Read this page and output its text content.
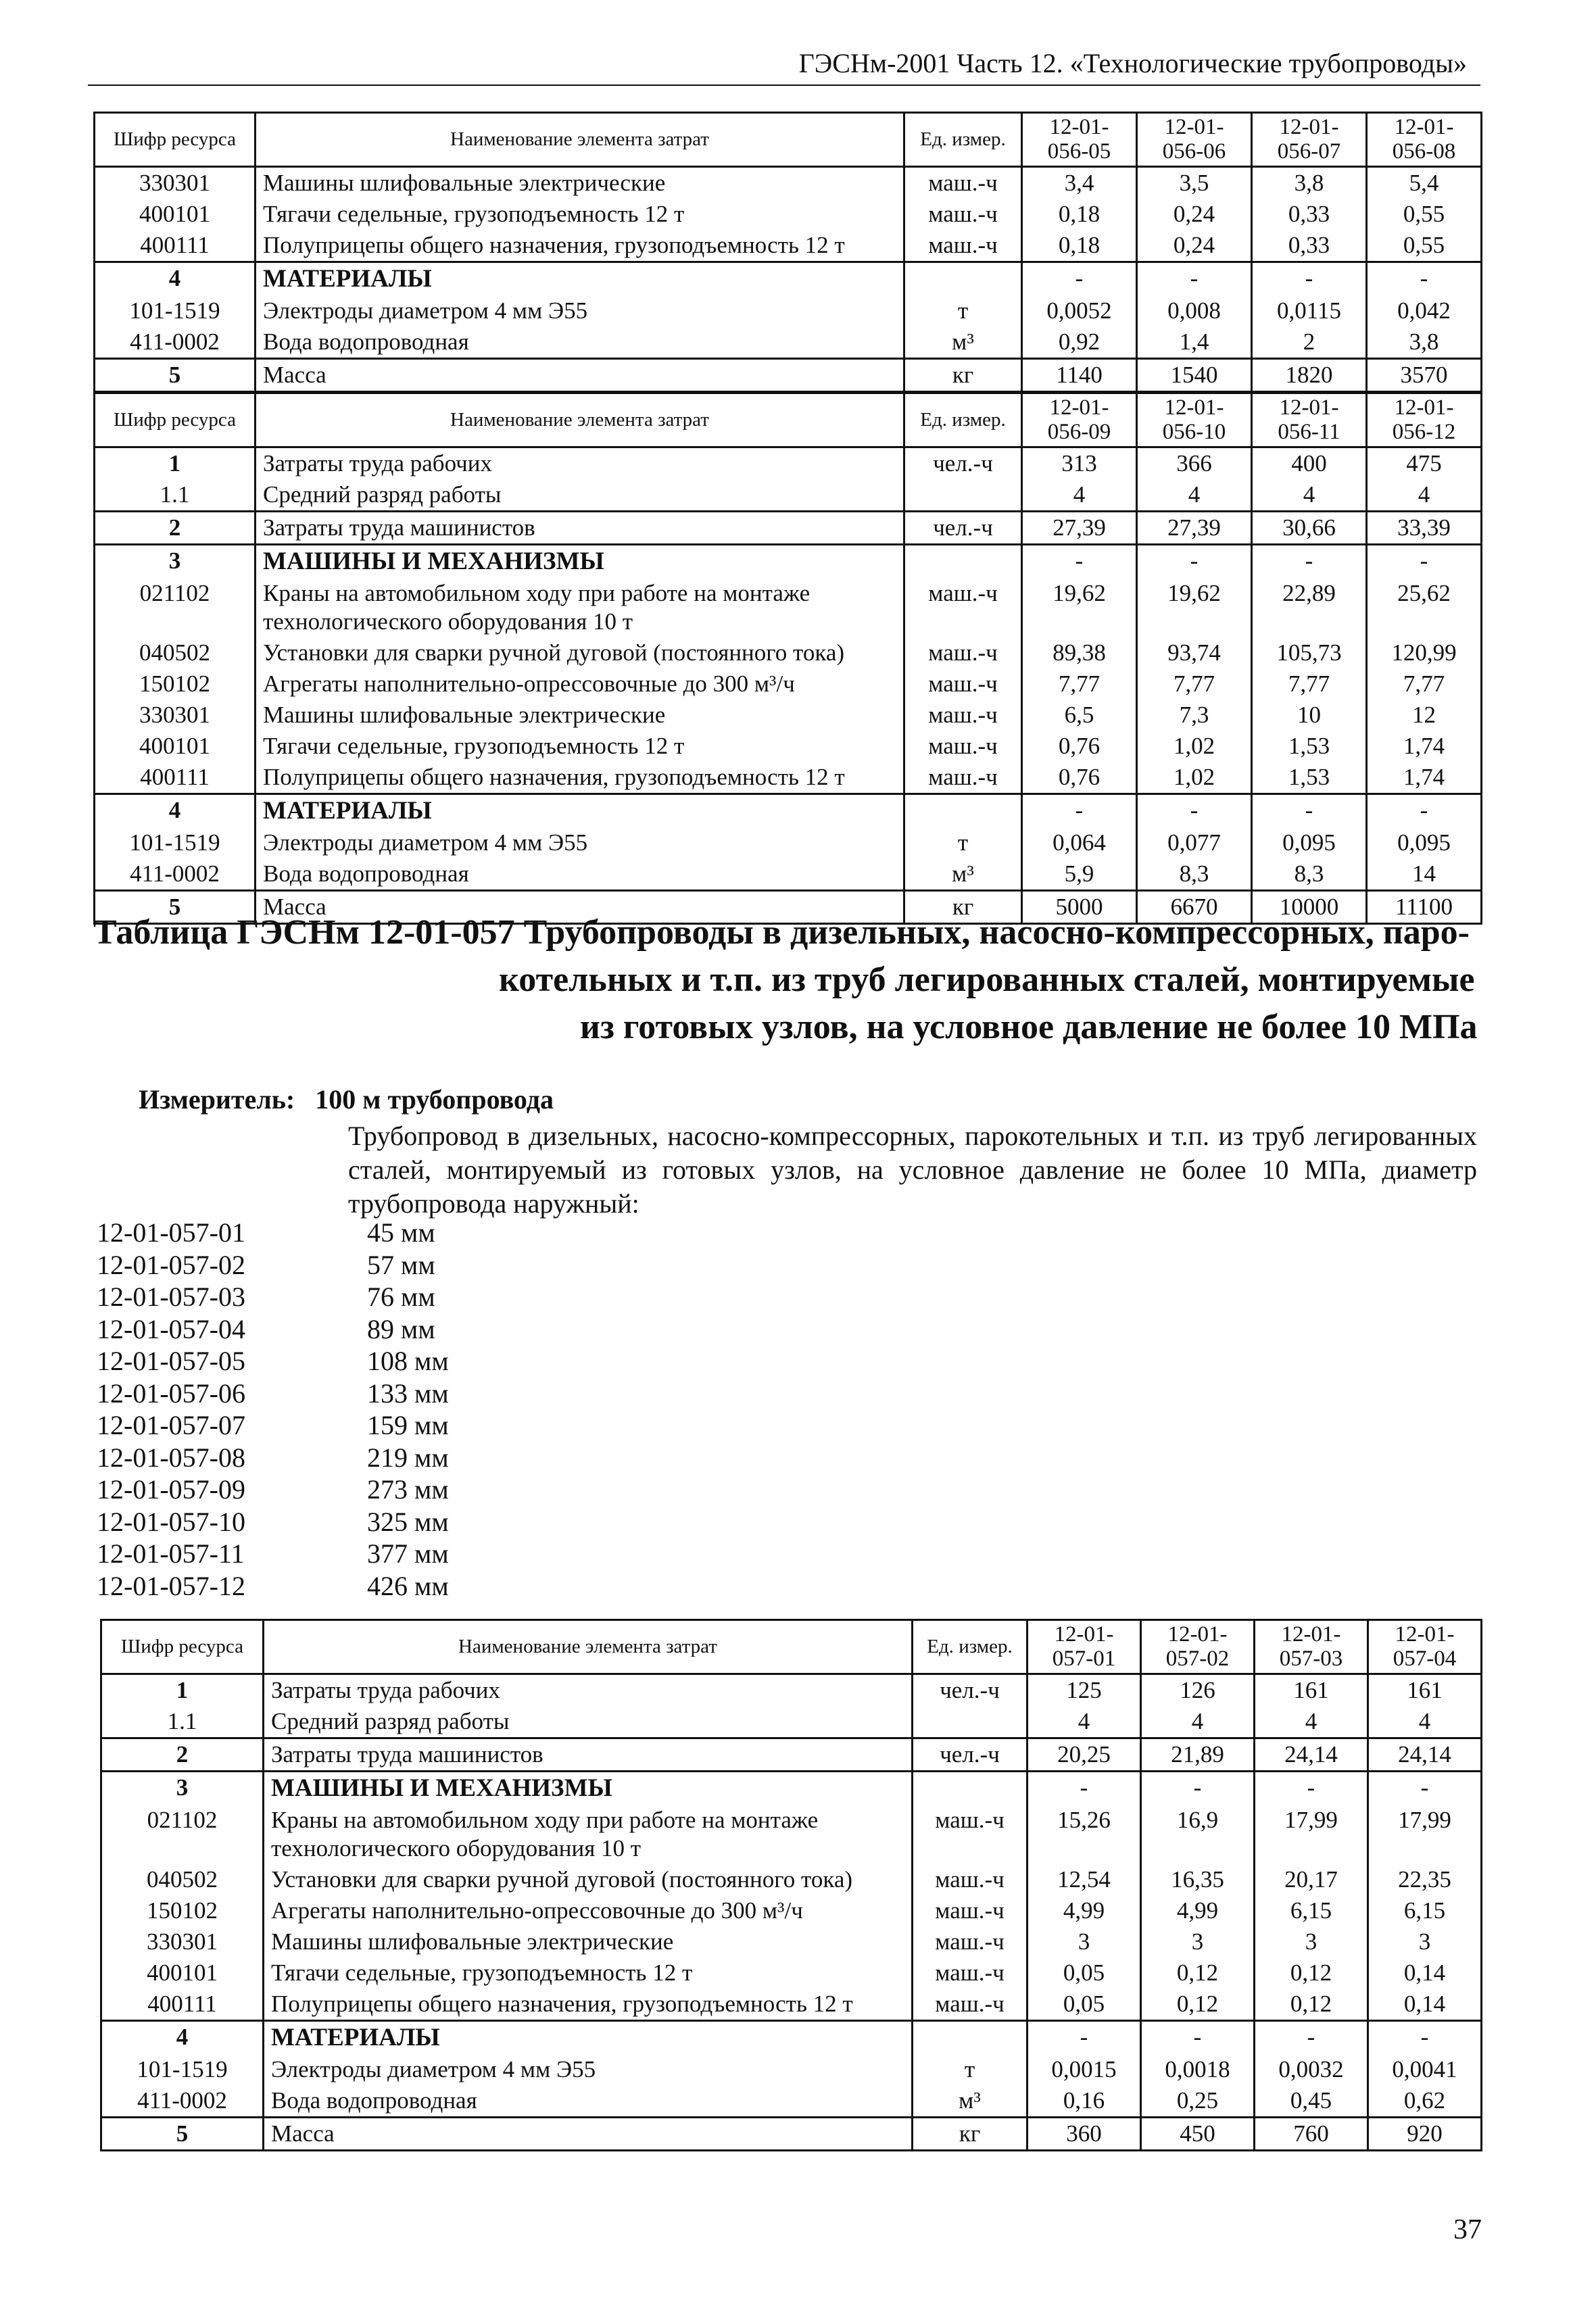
ГЭСНм-2001 Часть 12. «Технологические трубопроводы»
Шифр ресурса	Наименование элемента затрат	Ед. измер.	12-01-056-05	12-01-056-06	12-01-056-07	12-01-056-08
330301	Машины шлифовальные электрические	маш.-ч	3,4	3,5	3,8	5,4
400101	Тягачи седельные, грузоподъемность 12 т	маш.-ч	0,18	0,24	0,33	0,55
400111	Полуприцепы общего назначения, грузоподъемность 12 т	маш.-ч	0,18	0,24	0,33	0,55
4	МАТЕРИАЛЫ		-	-	-	-
101-1519	Электроды диаметром 4 мм Э55	т	0,0052	0,008	0,0115	0,042
411-0002	Вода водопроводная	м³	0,92	1,4	2	3,8
5	Масса	кг	1140	1540	1820	3570
Шифр ресурса	Наименование элемента затрат	Ед. измер.	12-01-056-09	12-01-056-10	12-01-056-11	12-01-056-12
1	Затраты труда рабочих	чел.-ч	313	366	400	475
1.1	Средний разряд работы		4	4	4	4
2	Затраты труда машинистов	чел.-ч	27,39	27,39	30,66	33,39
3	МАШИНЫ И МЕХАНИЗМЫ		-	-	-	-
021102	Краны на автомобильном ходу при работе на монтаже технологического оборудования 10 т	маш.-ч	19,62	19,62	22,89	25,62
040502	Установки для сварки ручной дуговой (постоянного тока)	маш.-ч	89,38	93,74	105,73	120,99
150102	Агрегаты наполнительно-опрессовочные до 300 м³/ч	маш.-ч	7,77	7,77	7,77	7,77
330301	Машины шлифовальные электрические	маш.-ч	6,5	7,3	10	12
400101	Тягачи седельные, грузоподъемность 12 т	маш.-ч	0,76	1,02	1,53	1,74
400111	Полуприцепы общего назначения, грузоподъемность 12 т	маш.-ч	0,76	1,02	1,53	1,74
4	МАТЕРИАЛЫ		-	-	-	-
101-1519	Электроды диаметром 4 мм Э55	т	0,064	0,077	0,095	0,095
411-0002	Вода водопроводная	м³	5,9	8,3	8,3	14
5	Масса	кг	5000	6670	10000	11100
Таблица ГЭСНм 12-01-057 Трубопроводы в дизельных, насосно-компрессорных, паро-
котельных и т.п. из труб легированных сталей, монтируемые
из готовых узлов, на условное давление не более 10 МПа
Измеритель: 100 м трубопровода
Трубопровод в дизельных, насосно-компрессорных, парокотельных и т.п. из труб легированных сталей, монтируемый из готовых узлов, на условное давление не более 10 МПа, диаметр трубопровода наружный:
12-01-057-01	45 мм
12-01-057-02	57 мм
12-01-057-03	76 мм
12-01-057-04	89 мм
12-01-057-05	108 мм
12-01-057-06	133 мм
12-01-057-07	159 мм
12-01-057-08	219 мм
12-01-057-09	273 мм
12-01-057-10	325 мм
12-01-057-11	377 мм
12-01-057-12	426 мм
Шифр ресурса	Наименование элемента затрат	Ед. измер.	12-01-057-01	12-01-057-02	12-01-057-03	12-01-057-04
1	Затраты труда рабочих	чел.-ч	125	126	161	161
1.1	Средний разряд работы		4	4	4	4
2	Затраты труда машинистов	чел.-ч	20,25	21,89	24,14	24,14
3	МАШИНЫ И МЕХАНИЗМЫ		-	-	-	-
021102	Краны на автомобильном ходу при работе на монтаже технологического оборудования 10 т	маш.-ч	15,26	16,9	17,99	17,99
040502	Установки для сварки ручной дуговой (постоянного тока)	маш.-ч	12,54	16,35	20,17	22,35
150102	Агрегаты наполнительно-опрессовочные до 300 м³/ч	маш.-ч	4,99	4,99	6,15	6,15
330301	Машины шлифовальные электрические	маш.-ч	3	3	3	3
400101	Тягачи седельные, грузоподъемность 12 т	маш.-ч	0,05	0,12	0,12	0,14
400111	Полуприцепы общего назначения, грузоподъемность 12 т	маш.-ч	0,05	0,12	0,12	0,14
4	МАТЕРИАЛЫ		-	-	-	-
101-1519	Электроды диаметром 4 мм Э55	т	0,0015	0,0018	0,0032	0,0041
411-0002	Вода водопроводная	м³	0,16	0,25	0,45	0,62
5	Масса	кг	360	450	760	920
37
